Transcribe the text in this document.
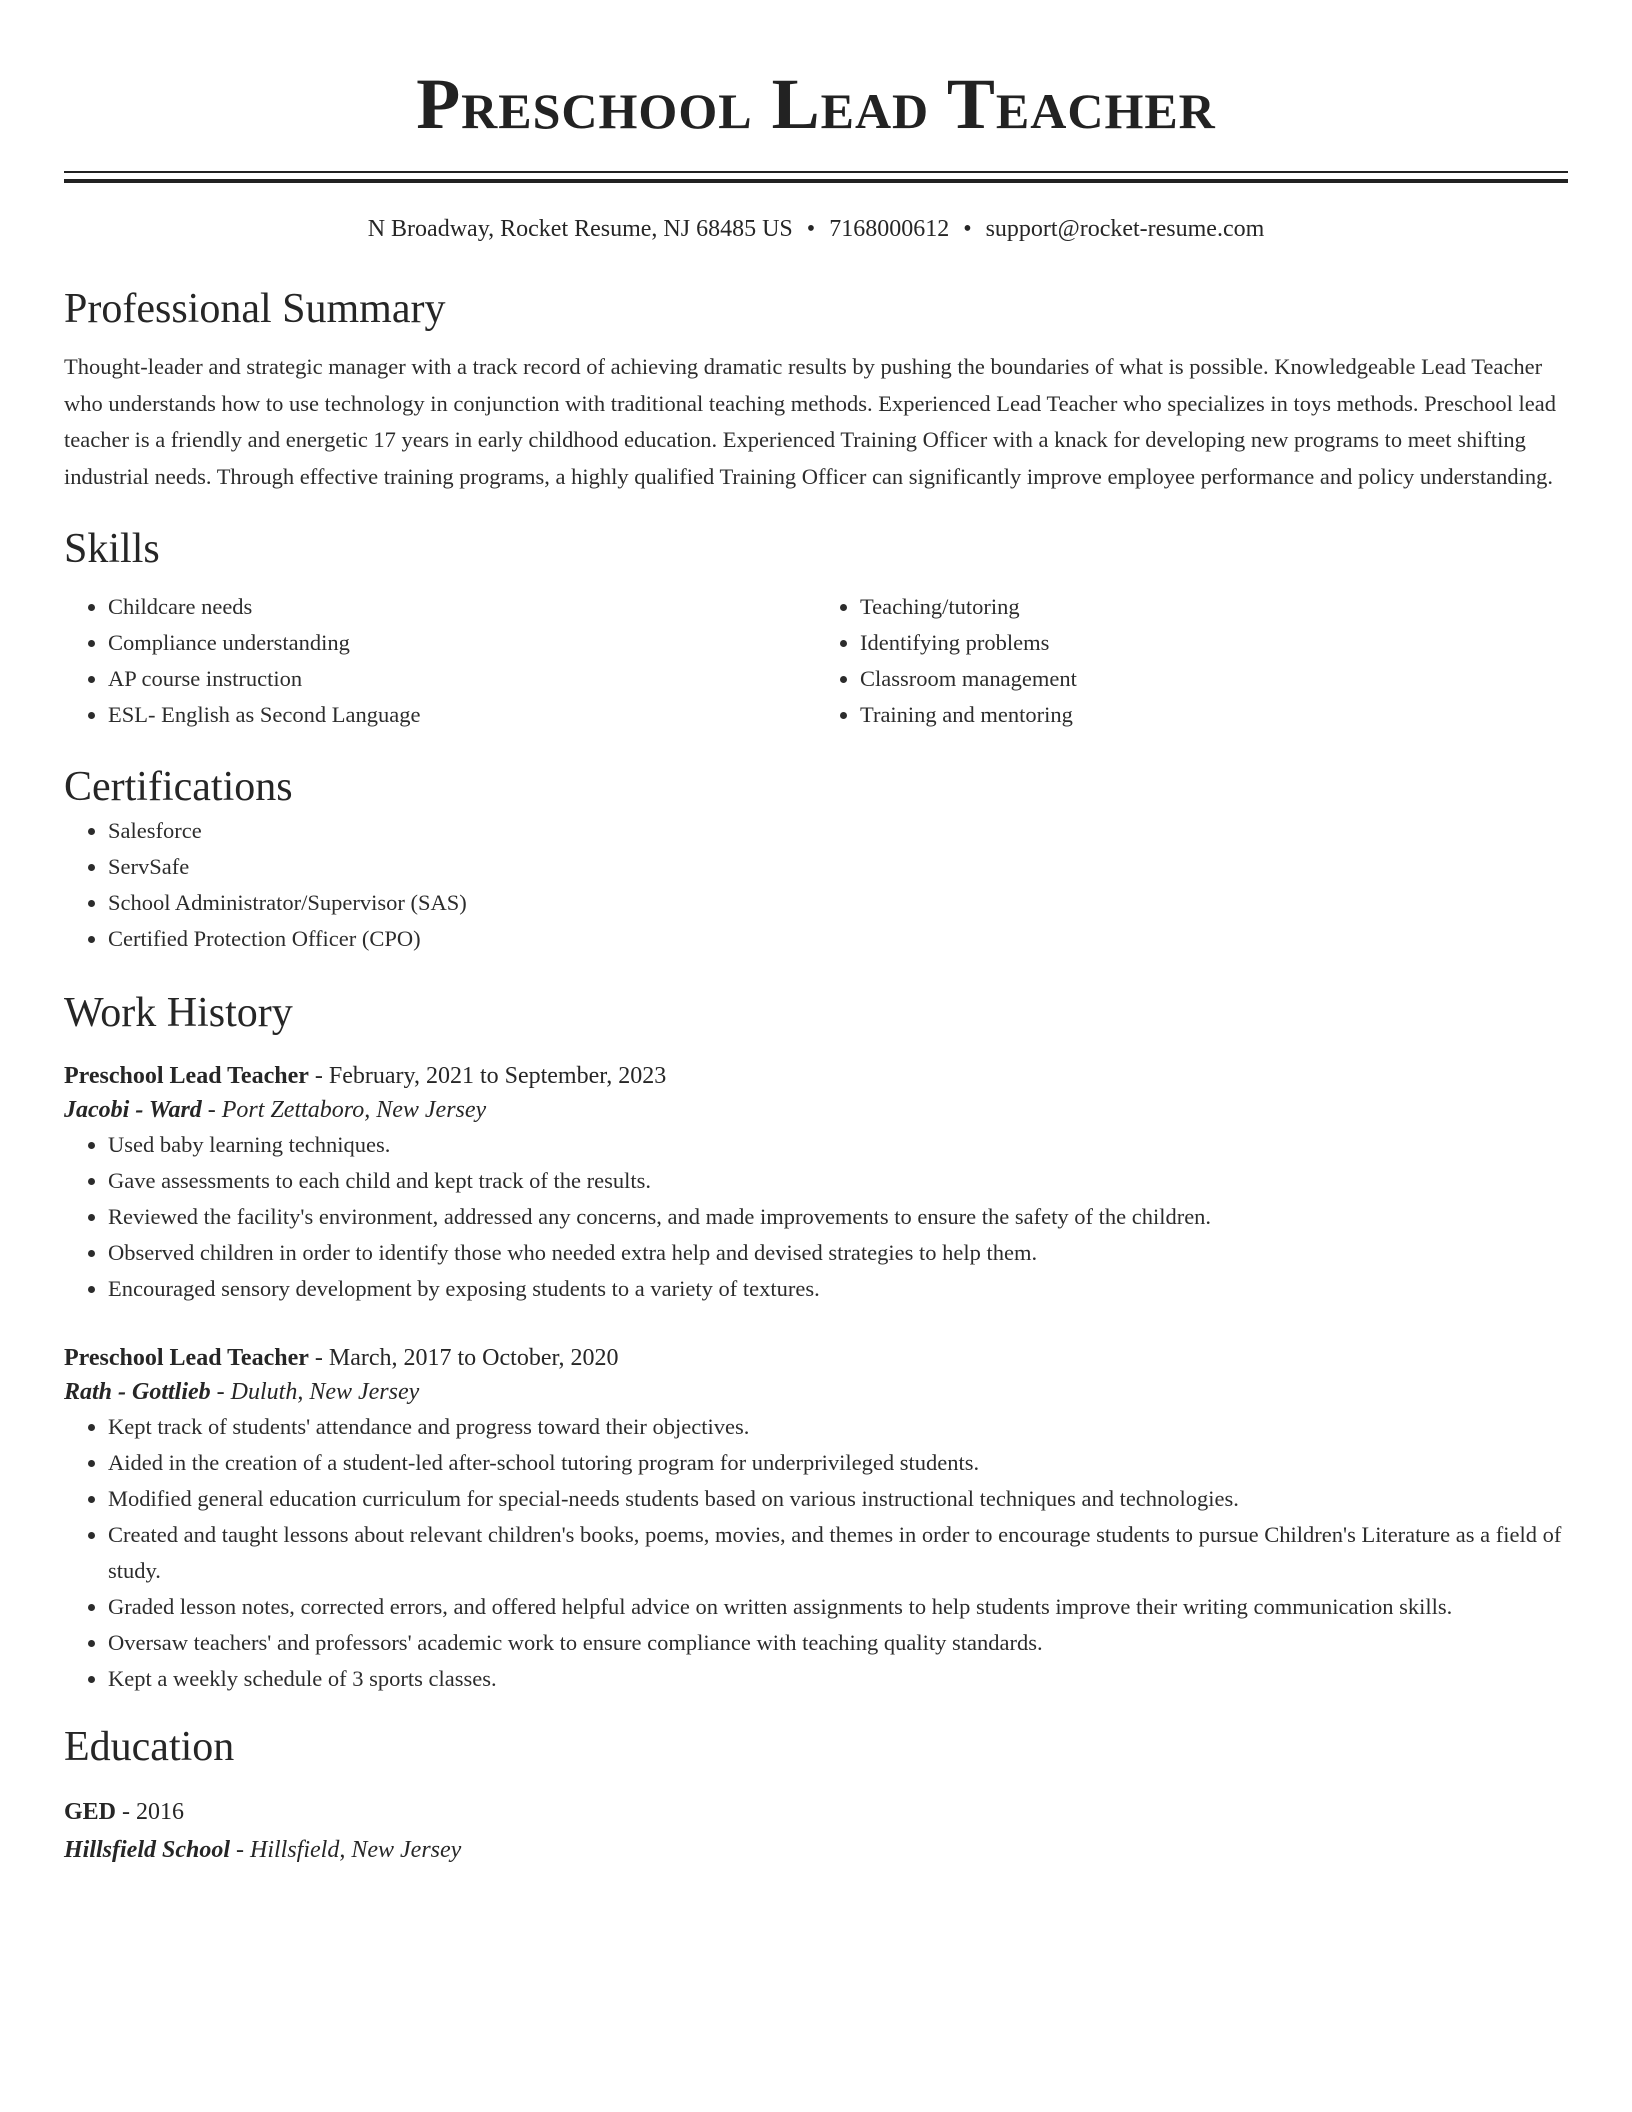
Preschool Lead Teacher
N Broadway, Rocket Resume, NJ 68485 US • 7168000612 • support@rocket-resume.com
Professional Summary
Thought-leader and strategic manager with a track record of achieving dramatic results by pushing the boundaries of what is possible. Knowledgeable Lead Teacher who understands how to use technology in conjunction with traditional teaching methods. Experienced Lead Teacher who specializes in toys methods. Preschool lead teacher is a friendly and energetic 17 years in early childhood education. Experienced Training Officer with a knack for developing new programs to meet shifting industrial needs. Through effective training programs, a highly qualified Training Officer can significantly improve employee performance and policy understanding.
Skills
• Childcare needs
• Compliance understanding
• AP course instruction
• ESL- English as Second Language
• Teaching/tutoring
• Identifying problems
• Classroom management
• Training and mentoring
Certifications
• Salesforce
• ServSafe
• School Administrator/Supervisor (SAS)
• Certified Protection Officer (CPO)
Work History
Preschool Lead Teacher - February, 2021 to September, 2023
Jacobi - Ward - Port Zettaboro, New Jersey
• Used baby learning techniques.
• Gave assessments to each child and kept track of the results.
• Reviewed the facility's environment, addressed any concerns, and made improvements to ensure the safety of the children.
• Observed children in order to identify those who needed extra help and devised strategies to help them.
• Encouraged sensory development by exposing students to a variety of textures.
Preschool Lead Teacher - March, 2017 to October, 2020
Rath - Gottlieb - Duluth, New Jersey
• Kept track of students' attendance and progress toward their objectives.
• Aided in the creation of a student-led after-school tutoring program for underprivileged students.
• Modified general education curriculum for special-needs students based on various instructional techniques and technologies.
• Created and taught lessons about relevant children's books, poems, movies, and themes in order to encourage students to pursue Children's Literature as a field of study.
• Graded lesson notes, corrected errors, and offered helpful advice on written assignments to help students improve their writing communication skills.
• Oversaw teachers' and professors' academic work to ensure compliance with teaching quality standards.
• Kept a weekly schedule of 3 sports classes.
Education
GED - 2016
Hillsfield School - Hillsfield, New Jersey
